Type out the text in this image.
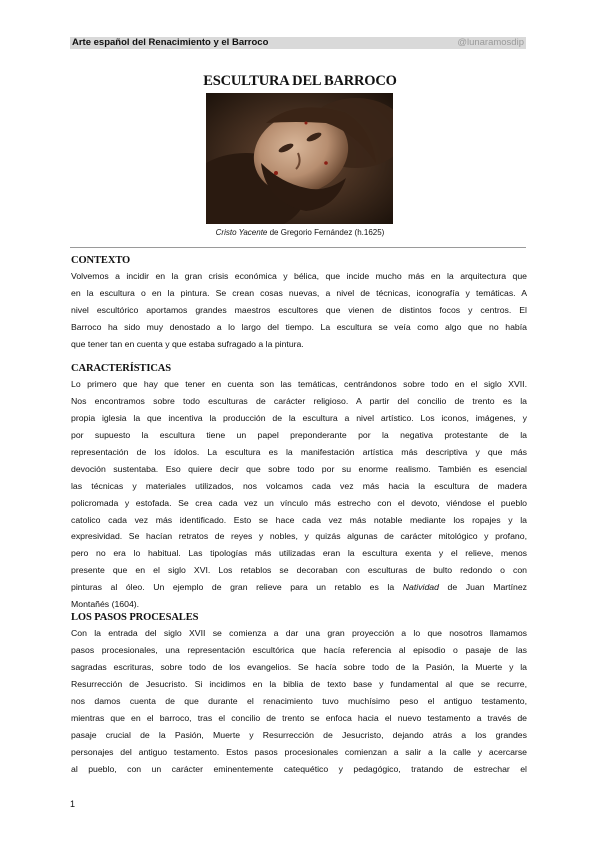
Arte español del Renacimiento y el Barroco	@lunaramosdip
ESCULTURA DEL BARROCO
Cristo Yacente de Gregorio Fernández (h.1625)
CONTEXTO
Volvemos a incidir en la gran crisis económica y bélica, que incide mucho más en la arquitectura que
en la escultura o en la pintura. Se crean cosas nuevas, a nivel de técnicas, iconografía y temáticas. A
nivel escultórico aportamos grandes maestros escultores que vienen de distintos focos y centros. El
Barroco ha sido muy denostado a lo largo del tiempo. La escultura se veía como algo que no había
que tener tan en cuenta y que estaba sufragado a la pintura.
CARACTERÍSTICAS
Lo primero que hay que tener en cuenta son las temáticas, centrándonos sobre todo en el siglo XVII.
Nos encontramos sobre todo esculturas de carácter religioso. A partir del concilio de trento es la
propia iglesia la que incentiva la producción de la escultura a nivel artístico. Los iconos, imágenes, y
por supuesto la escultura tiene un papel preponderante por la negativa protestante de la
representación de los ídolos. La escultura es la manifestación artística más descriptiva y que más
devoción sustentaba. Eso quiere decir que sobre todo por su enorme realismo. También es esencial
las técnicas y materiales utilizados, nos volcamos cada vez más hacia la escultura de madera
policromada y estofada. Se crea cada vez un vínculo más estrecho con el devoto, viéndose el pueblo
catolico cada vez más identificado. Esto se hace cada vez más notable mediante los ropajes y la
expresividad. Se hacían retratos de reyes y nobles, y quizás algunas de carácter mitológico y profano,
pero no era lo habitual. Las tipologías más utilizadas eran la escultura exenta y el relieve, menos
presente que en el siglo XVI. Los retablos se decoraban con esculturas de bulto redondo o con
pinturas al óleo. Un ejemplo de gran relieve para un retablo es la Natividad de Juan Martínez
Montañés (1604).
LOS PASOS PROCESALES
Con la entrada del siglo XVII se comienza a dar una gran proyección a lo que nosotros llamamos
pasos procesionales, una representación escultórica que hacía referencia al episodio o pasaje de las
sagradas escrituras, sobre todo de los evangelios. Se hacía sobre todo de la Pasión, la Muerte y la
Resurrección de Jesucristo. Si incidimos en la biblia de texto base y fundamental al que se recurre,
nos damos cuenta de que durante el renacimiento tuvo muchísimo peso el antiguo testamento,
mientras que en el barroco, tras el concilio de trento se enfoca hacia el nuevo testamento a través de
pasaje crucial de la Pasión, Muerte y Resurrección de Jesucristo, dejando atrás a los grandes
personajes del antiguo testamento. Estos pasos procesionales comienzan a salir a la calle y acercarse
al pueblo, con un carácter eminentemente catequético y pedagógico, tratando de estrechar el
1
